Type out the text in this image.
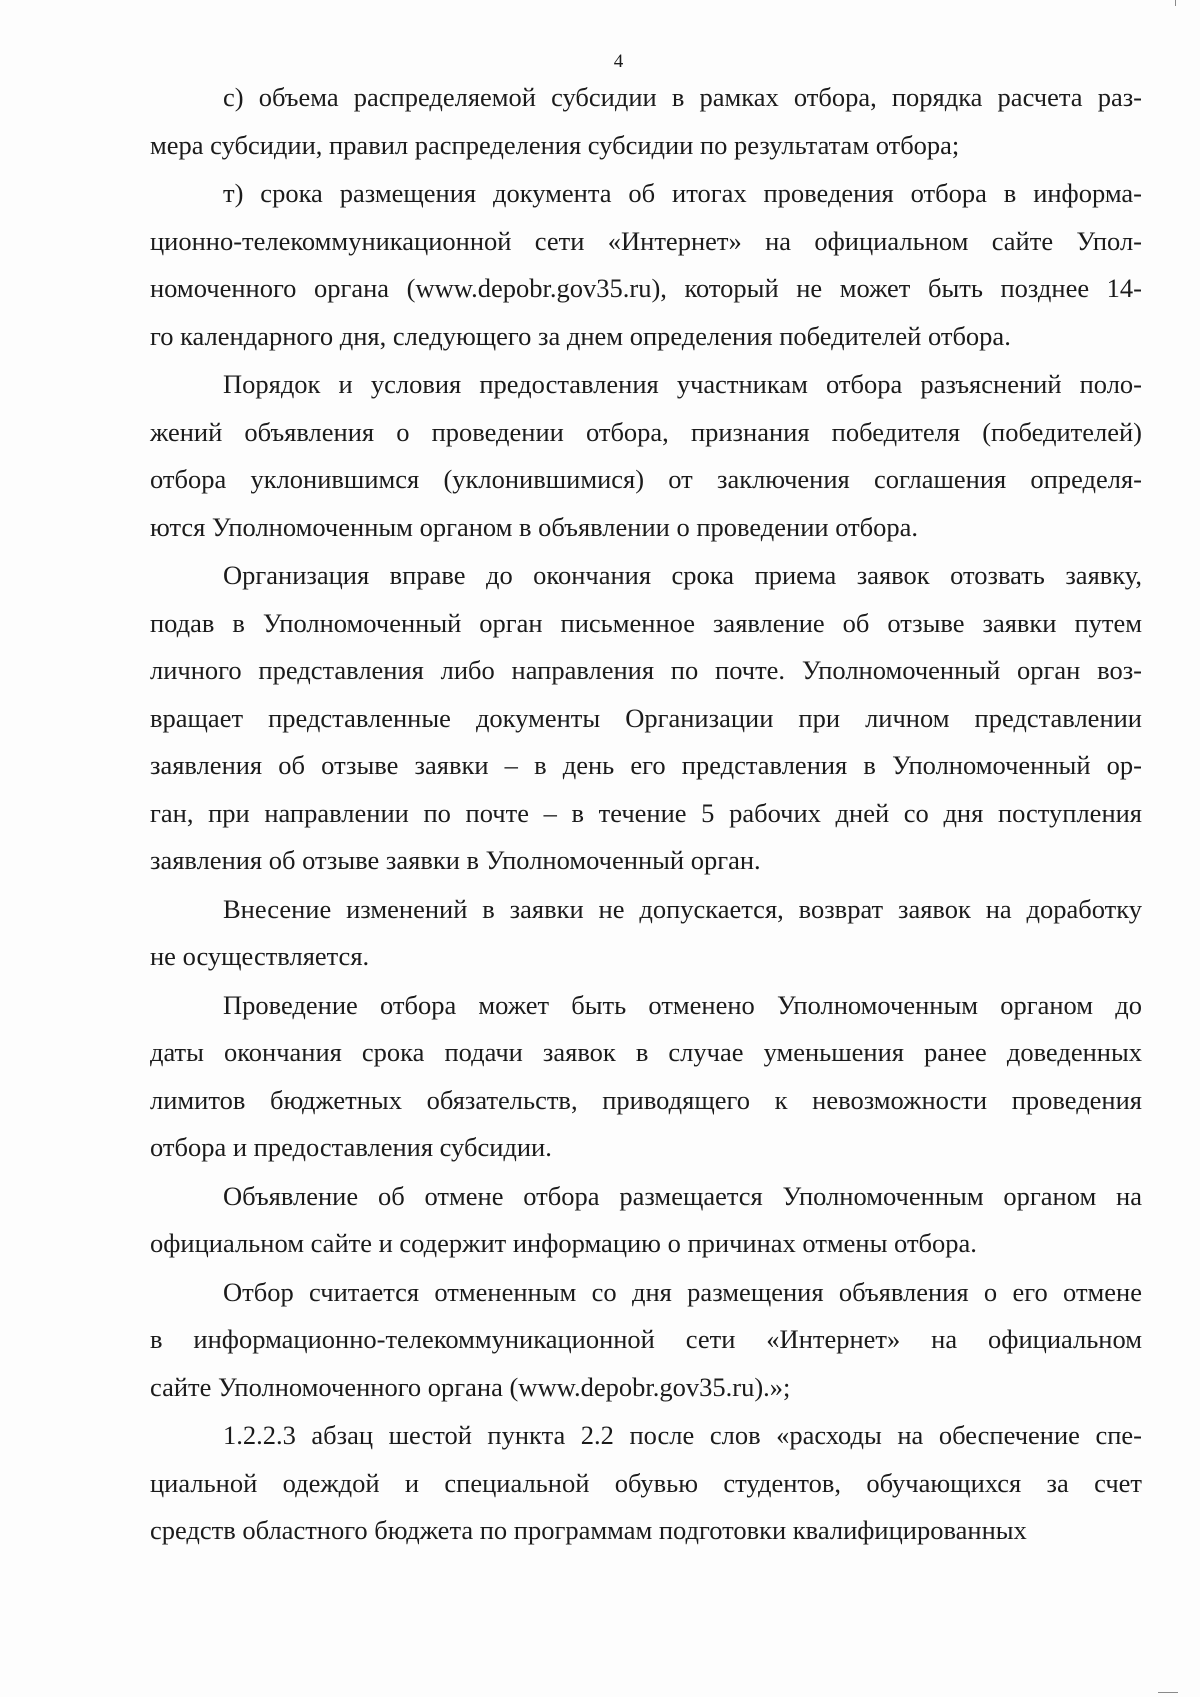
4
с) объема распределяемой субсидии в рамках отбора, порядка расчета раз-
мера субсидии, правил распределения субсидии по результатам отбора;
т) срока размещения документа об итогах проведения отбора в информа-
ционно-телекоммуникационной сети «Интернет» на официальном сайте Упол-
номоченного органа (www.depobr.gov35.ru), который не может быть позднее 14-
го календарного дня, следующего за днем определения победителей отбора.
Порядок и условия предоставления участникам отбора разъяснений поло-
жений объявления о проведении отбора, признания победителя (победителей)
отбора уклонившимся (уклонившимися) от заключения соглашения определя-
ются Уполномоченным органом в объявлении о проведении отбора.
Организация вправе до окончания срока приема заявок отозвать заявку,
подав в Уполномоченный орган письменное заявление об отзыве заявки путем
личного представления либо направления по почте. Уполномоченный орган воз-
вращает представленные документы Организации при личном представлении
заявления об отзыве заявки – в день его представления в Уполномоченный ор-
ган, при направлении по почте – в течение 5 рабочих дней со дня поступления
заявления об отзыве заявки в Уполномоченный орган.
Внесение изменений в заявки не допускается, возврат заявок на доработку
не осуществляется.
Проведение отбора может быть отменено Уполномоченным органом до
даты окончания срока подачи заявок в случае уменьшения ранее доведенных
лимитов бюджетных обязательств, приводящего к невозможности проведения
отбора и предоставления субсидии.
Объявление об отмене отбора размещается Уполномоченным органом на
официальном сайте и содержит информацию о причинах отмены отбора.
Отбор считается отмененным со дня размещения объявления о его отмене
в информационно-телекоммуникационной сети «Интернет» на официальном
сайте Уполномоченного органа (www.depobr.gov35.ru).»;
1.2.2.3 абзац шестой пункта 2.2 после слов «расходы на обеспечение спе-
циальной одеждой и специальной обувью студентов, обучающихся за счет
средств областного бюджета по программам подготовки квалифицированных
